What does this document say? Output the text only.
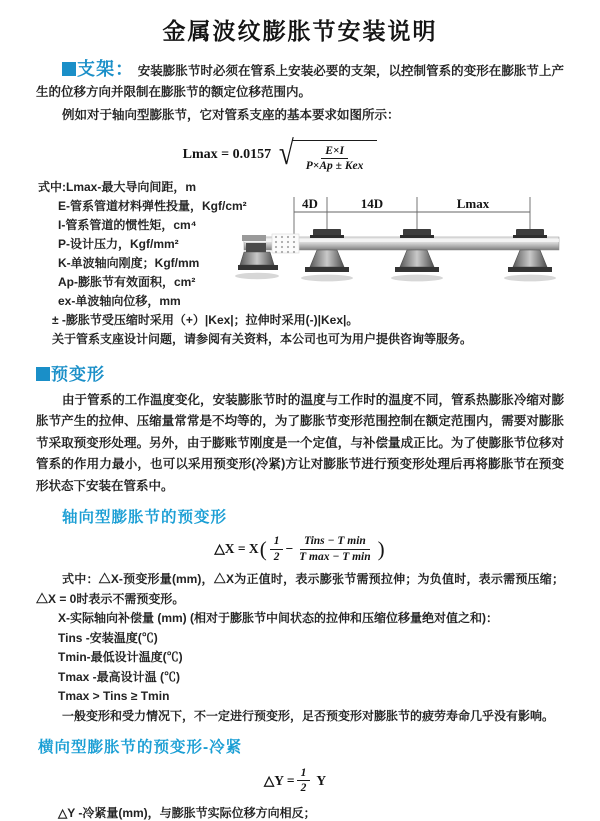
金属波纹膨胀节安装说明

支架： 安装膨胀节时必须在管系上安装必要的支架，以控制管系的变形在膨胀节上产生的位移方向并限制在膨胀节的额定位移范围内。

例如对于轴向型膨胀节，它对管系支座的基本要求如图所示：

Lmax = 0.0157 √ $\frac{E\times I}{\text{P×Ap ± Kex}}$
式中:Lmax-最大导向间距，m
E-管系管道材料弹性投量，Kgf/cm²
I-管系管道的惯性矩，cm⁴
P-设计压力，Kgf/mm²
K-单波轴向刚度；Kgf/mm
Ap-膨胀节有效面积，cm²
ex-单波轴向位移，mm
± -膨胀节受压缩时采用（+）|Kex|；拉伸时采用(-)|Kex|。
关于管系支座设计问题，请参阅有关资料，本公司也可为用户提供咨询等服务。
预变形

由于管系的工作温度变化，安装膨胀节时的温度与工作时的温度不同，管系热膨胀冷缩对膨胀节产生的拉伸、压缩量常常是不均等的，为了膨胀节变形范围控制在额定范围内，需要对膨胀节采取预变形处理。另外，由于膨账节刚度是一个定值，与补偿量成正比。为了使膨胀节位移对管系的作用力最小，也可以采用预变形(冷紧)方让对膨胀节进行预变形处理后再将膨胀节在预变形状态下安装在管系中。

轴向型膨胀节的预变形
△X = X ( $\frac{1}{2} - \frac{\text{Tins − T min}}{\text{T max − T min}}$ )
式中：△X-预变形量(mm)，△X为正值时，表示膨张节需预拉伸；为负值时，表示需预压缩；△X = 0时表示不需预变形。
X-实际轴向补偿量 (mm) (相对于膨胀节中间状态的拉伸和压缩位移量绝对值之和)：
Tins -安装温度(℃)
Tmin-最低设计温度(℃)
Tmax -最高设计温 (℃)
Tmax > Tins ≥ Tmin
一般变形和受力情况下，不一定进行预变形，足否预变形对膨胀节的疲劳寿命几乎没有影响。
横向型膨胀节的预变形-冷紧
△Y = $\frac{1}{2}$ Y
△Y -冷紧量(mm)，与膨胀节实际位移方向相反；
4D	14D	Lmax
